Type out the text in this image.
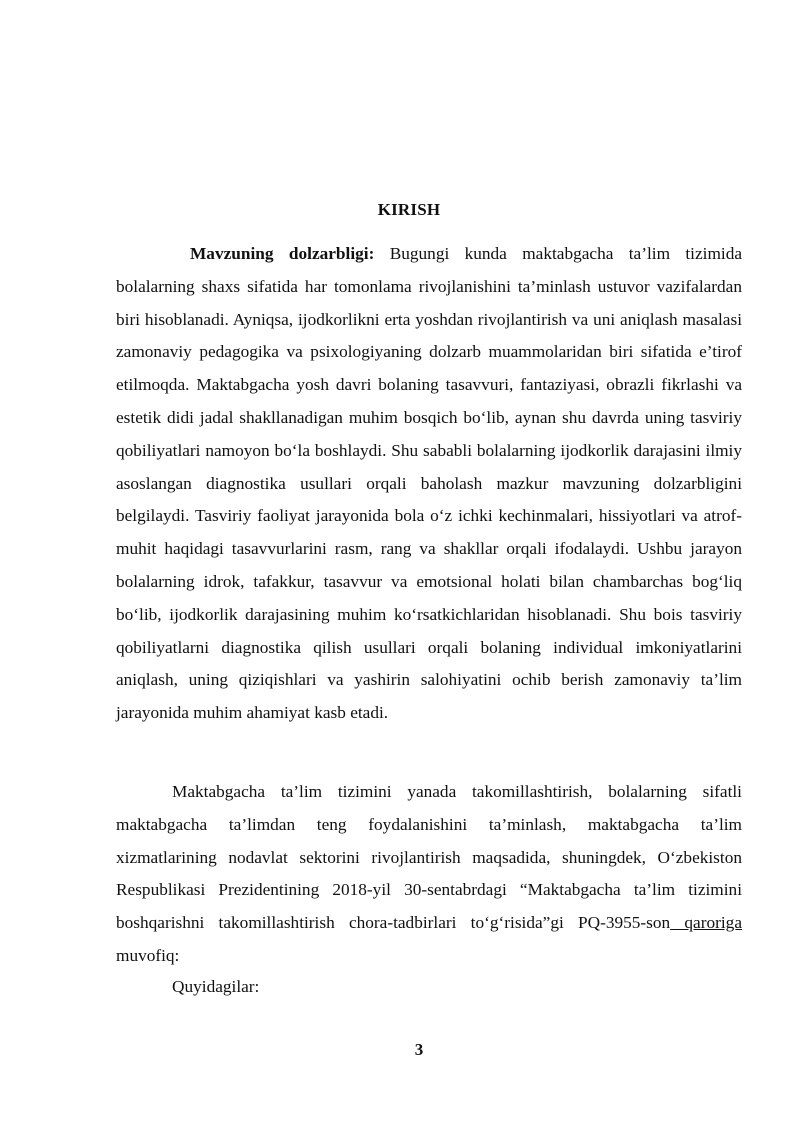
KIRISH

Mavzuning dolzarbligi: Bugungi kunda maktabgacha ta’lim tizimida bolalarning shaxs sifatida har tomonlama rivojlanishini ta’minlash ustuvor vazifalardan biri hisoblanadi. Ayniqsa, ijodkorlikni erta yoshdan rivojlantirish va uni aniqlash masalasi zamonaviy pedagogika va psixologiyaning dolzarb muammolaridan biri sifatida e’tirof etilmoqda. Maktabgacha yosh davri bolaning tasavvuri, fantaziyasi, obrazli fikrlashi va estetik didi jadal shakllanadigan muhim bosqich bo‘lib, aynan shu davrda uning tasviriy qobiliyatlari namoyon bo‘la boshlaydi. Shu sababli bolalarning ijodkorlik darajasini ilmiy asoslangan diagnostika usullari orqali baholash mazkur mavzuning dolzarbligini belgilaydi. Tasviriy faoliyat jarayonida bola o‘z ichki kechinmalari, hissiyotlari va atrof-muhit haqidagi tasavvurlarini rasm, rang va shakllar orqali ifodalaydi. Ushbu jarayon bolalarning idrok, tafakkur, tasavvur va emotsional holati bilan chambarchas bog‘liq bo‘lib, ijodkorlik darajasining muhim ko‘rsatkichlaridan hisoblanadi. Shu bois tasviriy qobiliyatlarni diagnostika qilish usullari orqali bolaning individual imkoniyatlarini aniqlash, uning qiziqishlari va yashirin salohiyatini ochib berish zamonaviy ta’lim jarayonida muhim ahamiyat kasb etadi.

Maktabgacha ta’lim tizimini yanada takomillashtirish, bolalarning sifatli maktabgacha ta’limdan teng foydalanishini ta’minlash, maktabgacha ta’lim xizmatlarining nodavlat sektorini rivojlantirish maqsadida, shuningdek, O‘zbekiston Respublikasi Prezidentining 2018-yil 30-sentabrdagi “Maktabgacha ta’lim tizimini boshqarishni takomillashtirish chora-tadbirlari to‘g‘risida”gi PQ-3955-son qaroriga muvofiq:

Quyidagilar:

3
